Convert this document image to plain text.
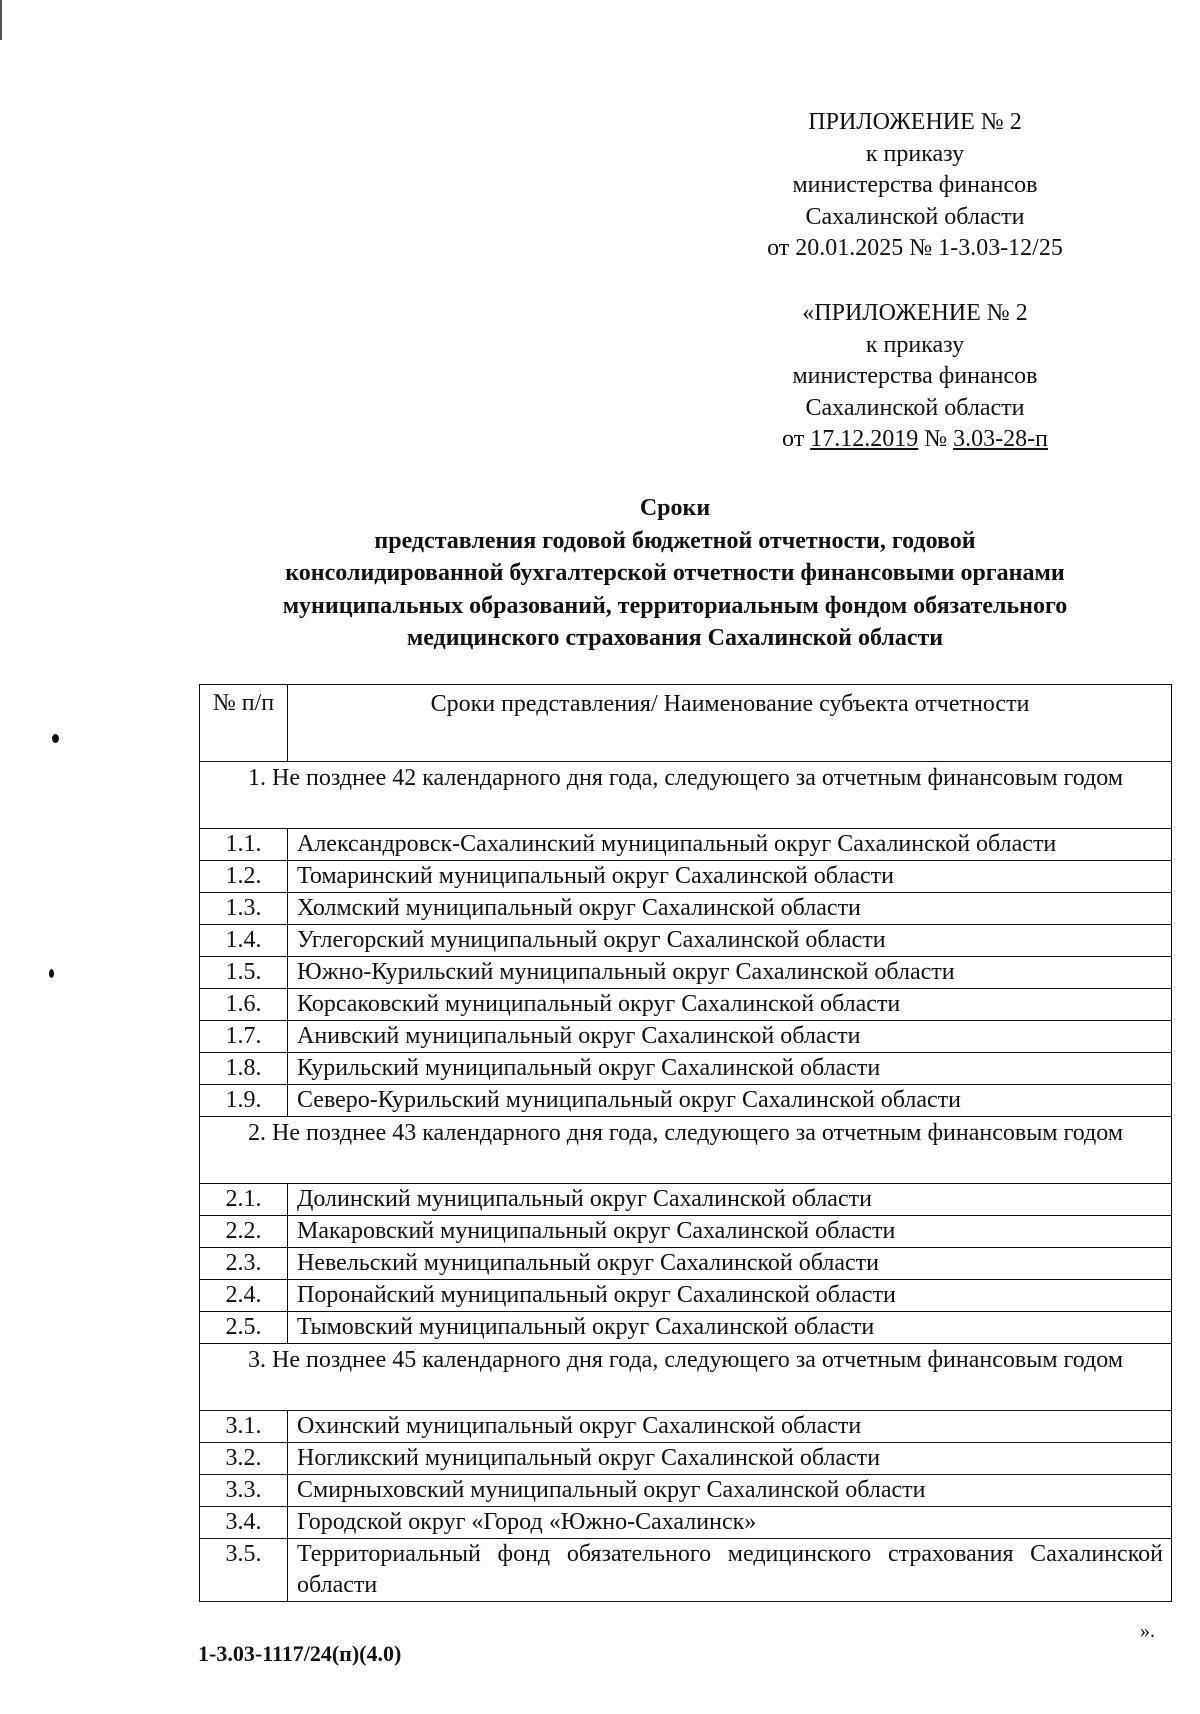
ПРИЛОЖЕНИЕ № 2
к приказу
министерства финансов
Сахалинской области
от 20.01.2025 № 1-3.03-12/25
«ПРИЛОЖЕНИЕ № 2
к приказу
министерства финансов
Сахалинской области
от 17.12.2019 № 3.03-28-п
Сроки
представления годовой бюджетной отчетности, годовой
консолидированной бухгалтерской отчетности финансовыми органами
муниципальных образований, территориальным фондом обязательного
медицинского страхования Сахалинской области
№ п/п	Сроки представления/ Наименование субъекта отчетности
1. Не позднее 42 календарного дня года, следующего за отчетным финансовым годом	
1.1.	Александровск-Сахалинский муниципальный округ Сахалинской области
1.2.	Томаринский муниципальный округ Сахалинской области
1.3.	Холмский муниципальный округ Сахалинской области
1.4.	Углегорский муниципальный округ Сахалинской области
1.5.	Южно-Курильский муниципальный округ Сахалинской области
1.6.	Корсаковский муниципальный округ Сахалинской области
1.7.	Анивский муниципальный округ Сахалинской области
1.8.	Курильский муниципальный округ Сахалинской области
1.9.	Северо-Курильский муниципальный округ Сахалинской области
2. Не позднее 43 календарного дня года, следующего за отчетным финансовым годом	
2.1.	Долинский муниципальный округ Сахалинской области
2.2.	Макаровский муниципальный округ Сахалинской области
2.3.	Невельский муниципальный округ Сахалинской области
2.4.	Поронайский муниципальный округ Сахалинской области
2.5.	Тымовский муниципальный округ Сахалинской области
3. Не позднее 45 календарного дня года, следующего за отчетным финансовым годом	
3.1.	Охинский муниципальный округ Сахалинской области
3.2.	Ногликский муниципальный округ Сахалинской области
3.3.	Смирныховский муниципальный округ Сахалинской области
3.4.	Городской округ «Город «Южно-Сахалинск»
3.5.	Территориальный фонд обязательного медицинского страхования Сахалинской области
».
1-3.03-1117/24(п)(4.0)
